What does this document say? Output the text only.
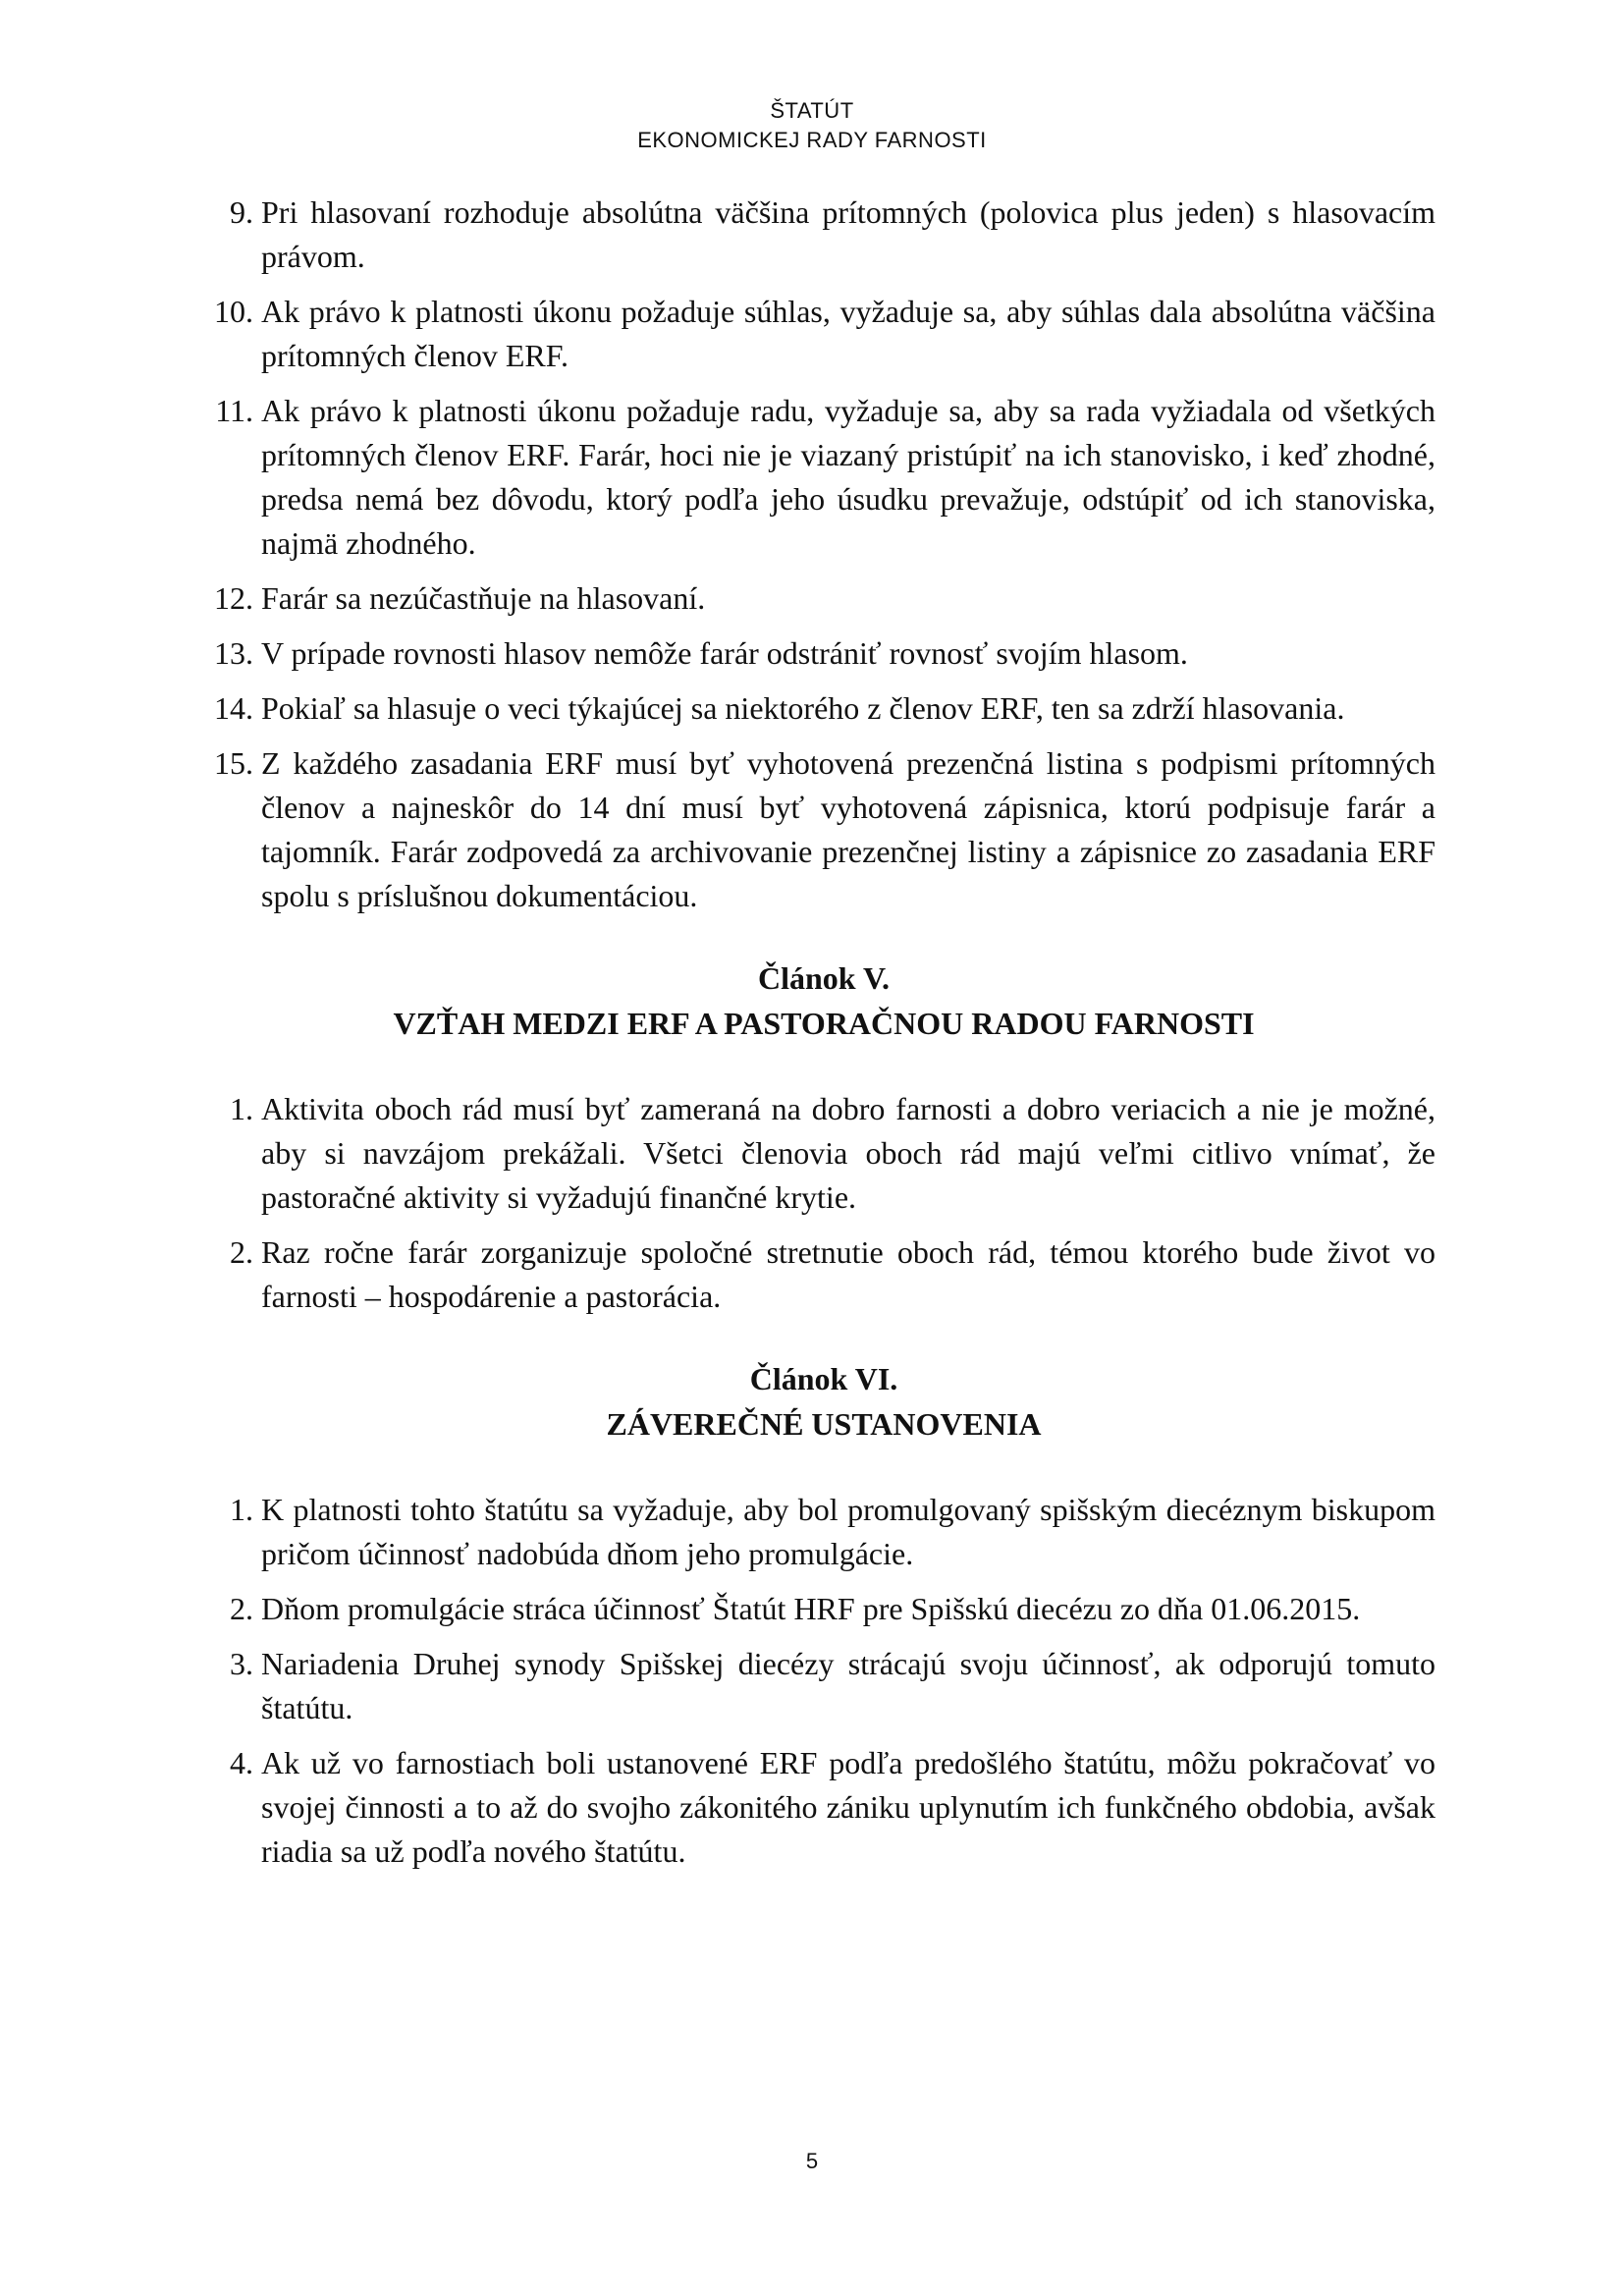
ŠTATÚT
EKONOMICKEJ RADY FARNOSTI
9. Pri hlasovaní rozhoduje absolútna väčšina prítomných (polovica plus jeden) s hlasovacím právom.
10. Ak právo k platnosti úkonu požaduje súhlas, vyžaduje sa, aby súhlas dala absolútna väčšina prítomných členov ERF.
11. Ak právo k platnosti úkonu požaduje radu, vyžaduje sa, aby sa rada vyžiadala od všetkých prítomných členov ERF. Farár, hoci nie je viazaný pristúpiť na ich stanovisko, i keď zhodné, predsa nemá bez dôvodu, ktorý podľa jeho úsudku prevažuje, odstúpiť od ich stanoviska, najmä zhodného.
12. Farár sa nezúčastňuje na hlasovaní.
13. V prípade rovnosti hlasov nemôže farár odstrániť rovnosť svojím hlasom.
14. Pokiaľ sa hlasuje o veci týkajúcej sa niektorého z členov ERF, ten sa zdrží hlasovania.
15. Z každého zasadania ERF musí byť vyhotovená prezenčná listina s podpismi prítomných členov a najneskôr do 14 dní musí byť vyhotovená zápisnica, ktorú podpisuje farár a tajomník. Farár zodpovedá za archivovanie prezenčnej listiny a zápisnice zo zasadania ERF spolu s príslušnou dokumentáciou.
Článok V.
VZŤAH MEDZI ERF A PASTORAČNOU RADOU FARNOSTI
1. Aktivita oboch rád musí byť zameraná na dobro farnosti a dobro veriacich a nie je možné, aby si navzájom prekážali. Všetci členovia oboch rád majú veľmi citlivo vnímať, že pastoračné aktivity si vyžadujú finančné krytie.
2. Raz ročne farár zorganizuje spoločné stretnutie oboch rád, témou ktorého bude život vo farnosti – hospodárenie a pastorácia.
Článok VI.
ZÁVEREČNÉ USTANOVENIA
1. K platnosti tohto štatútu sa vyžaduje, aby bol promulgovaný spišským diecéznym biskupom pričom účinnosť nadobúda dňom jeho promulgácie.
2. Dňom promulgácie stráca účinnosť Štatút HRF pre Spišskú diecézu zo dňa 01.06.2015.
3. Nariadenia Druhej synody Spišskej diecézy strácajú svoju účinnosť, ak odporujú tomuto štatútu.
4. Ak už vo farnostiach boli ustanovené ERF podľa predošlého štatútu, môžu pokračovať vo svojej činnosti a to až do svojho zákonitého zániku uplynutím ich funkčného obdobia, avšak riadia sa už podľa nového štatútu.
5
